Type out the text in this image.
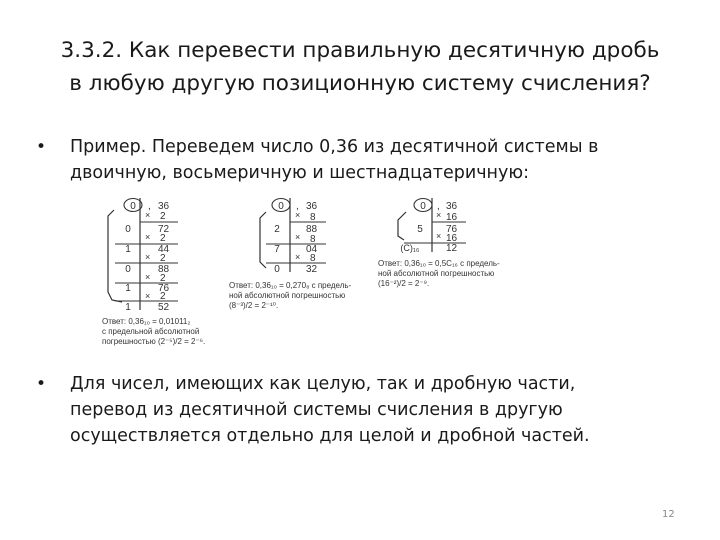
3.3.2. Как перевести правильную десятичную дробь
в любую другую позиционную систему счисления?
•	Пример. Переведем число 0,36 из десятичной системы в
двоичную, восьмеричную и шестнадцатеричную:
0 , 36
× 2
0	72
× 2
1	44
× 2
0	88
× 2
1	76
× 2
1	52
Ответ: 0,36₁₀ = 0,01011₂
с предельной абсолютной
погрешностью (2⁻⁵)/2 = 2⁻⁶.
0 , 36
× 8
2	88
× 8
7	04
× 8
0	32
Ответ: 0,36₁₀ = 0,270₈ с предель-
ной абсолютной погрешностью
(8⁻³)/2 = 2⁻¹⁰.
0 , 36
× 16
5 76
× 16
(C)₁₆	12
Ответ: 0,36₁₀ = 0,5C₁₆ с предель-
ной абсолютной погрешностью
(16⁻²)/2 = 2⁻⁹.
•	Для чисел, имеющих как целую, так и дробную части,
перевод из десятичной системы счисления в другую
осуществляется отдельно для целой и дробной частей.
12
